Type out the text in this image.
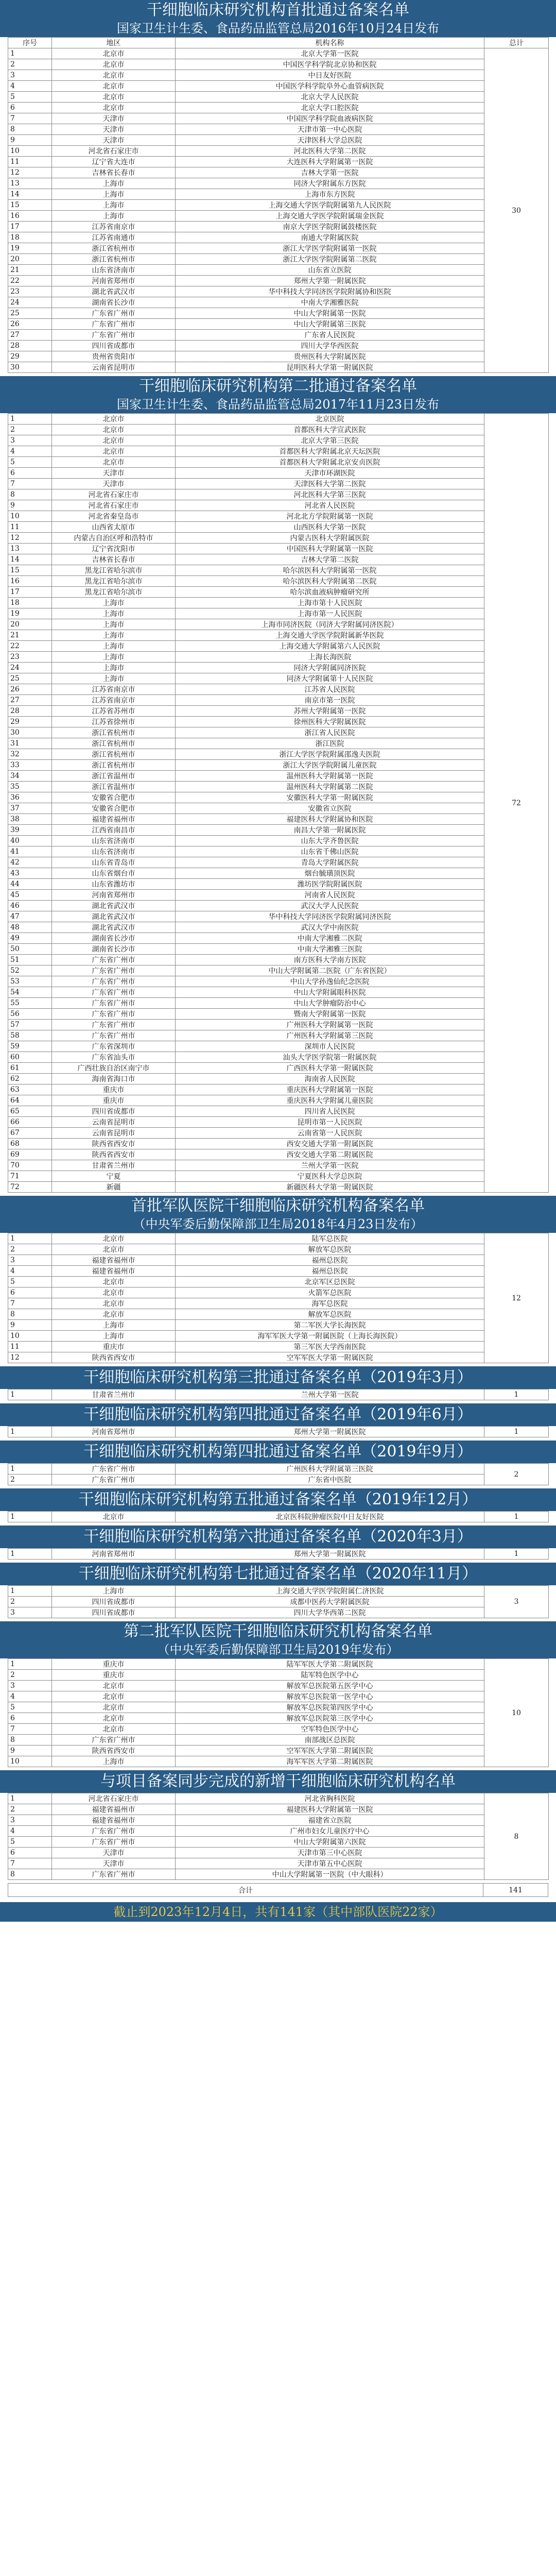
干细胞临床研究机构首批通过备案名单
国家卫生计生委、食品药品监管总局2016年10月24日发布
序号	地区	机构名称	总计
1	北京市	北京大学第一医院	30
2	北京市	中国医学科学院北京协和医院	
3	北京市	中日友好医院	
4	北京市	中国医学科学院阜外心血管病医院	
5	北京市	北京大学人民医院	
6	北京市	北京大学口腔医院	
7	天津市	中国医学科学院血液病医院	
8	天津市	天津市第一中心医院	
9	天津市	天津医科大学总医院	
10	河北省石家庄市	河北医科大学第二医院	
11	辽宁省大连市	大连医科大学附属第一医院	
12	吉林省长春市	吉林大学第一医院	
13	上海市	同济大学附属东方医院	
14	上海市	上海市东方医院	
15	上海市	上海交通大学医学院附属第九人民医院	
16	上海市	上海交通大学医学院附属瑞金医院	
17	江苏省南京市	南京大学医学院附属鼓楼医院	
18	江苏省南通市	南通大学附属医院	
19	浙江省杭州市	浙江大学医学院附属第一医院	
20	浙江省杭州市	浙江大学医学院附属第二医院	
21	山东省济南市	山东省立医院	
22	河南省郑州市	郑州大学第一附属医院	
23	湖北省武汉市	华中科技大学同济医学院附属协和医院	
24	湖南省长沙市	中南大学湘雅医院	
25	广东省广州市	中山大学附属第一医院	
26	广东省广州市	中山大学附属第三医院	
27	广东省广州市	广东省人民医院	
28	四川省成都市	四川大学华西医院	
29	贵州省贵阳市	贵州医科大学附属医院	
30	云南省昆明市	昆明医科大学第一附属医院	
干细胞临床研究机构第二批通过备案名单
国家卫生计生委、食品药品监管总局2017年11月23日发布
1	北京市	北京医院	72
2	北京市	首都医科大学宣武医院	
3	北京市	北京大学第三医院	
4	北京市	首都医科大学附属北京天坛医院	
5	北京市	首都医科大学附属北京安贞医院	
6	天津市	天津市环湖医院	
7	天津市	天津医科大学第二医院	
8	河北省石家庄市	河北医科大学第三医院	
9	河北省石家庄市	河北省人民医院	
10	河北省秦皇岛市	河北北方学院附属第一医院	
11	山西省太原市	山西医科大学第一医院	
12	内蒙古自治区呼和浩特市	内蒙古医科大学附属医院	
13	辽宁省沈阳市	中国医科大学附属第一医院	
14	吉林省长春市	吉林大学第二医院	
15	黑龙江省哈尔滨市	哈尔滨医科大学附属第一医院	
16	黑龙江省哈尔滨市	哈尔滨医科大学附属第二医院	
17	黑龙江省哈尔滨市	哈尔滨血液病肿瘤研究所	
18	上海市	上海市第十人民医院	
19	上海市	上海市第一人民医院	
20	上海市	上海市同济医院（同济大学附属同济医院）	
21	上海市	上海交通大学医学院附属新华医院	
22	上海市	上海交通大学附属第六人民医院	
23	上海市	上海长海医院	
24	上海市	同济大学附属同济医院	
25	上海市	同济大学附属第十人民医院	
26	江苏省南京市	江苏省人民医院	
27	江苏省南京市	南京市第一医院	
28	江苏省苏州市	苏州大学附属第一医院	
29	江苏省徐州市	徐州医科大学附属医院	
30	浙江省杭州市	浙江省人民医院	
31	浙江省杭州市	浙江医院	
32	浙江省杭州市	浙江大学医学院附属邵逸夫医院	
33	浙江省杭州市	浙江大学医学院附属儿童医院	
34	浙江省温州市	温州医科大学附属第一医院	
35	浙江省温州市	温州医科大学附属第二医院	
36	安徽省合肥市	安徽医科大学第一附属医院	
37	安徽省合肥市	安徽省立医院	
38	福建省福州市	福建医科大学附属协和医院	
39	江西省南昌市	南昌大学第一附属医院	
40	山东省济南市	山东大学齐鲁医院	
41	山东省济南市	山东省千佛山医院	
42	山东省青岛市	青岛大学附属医院	
43	山东省烟台市	烟台毓璜顶医院	
44	山东省潍坊市	潍坊医学院附属医院	
45	河南省郑州市	河南省人民医院	
46	湖北省武汉市	武汉大学人民医院	
47	湖北省武汉市	华中科技大学同济医学院附属同济医院	
48	湖北省武汉市	武汉大学中南医院	
49	湖南省长沙市	中南大学湘雅二医院	
50	湖南省长沙市	中南大学湘雅三医院	
51	广东省广州市	南方医科大学南方医院	
52	广东省广州市	中山大学附属第二医院（广东省医院）	
53	广东省广州市	中山大学孙逸仙纪念医院	
54	广东省广州市	中山大学附属眼科医院	
55	广东省广州市	中山大学肿瘤防治中心	
56	广东省广州市	暨南大学附属第一医院	
57	广东省广州市	广州医科大学附属第一医院	
58	广东省广州市	广州医科大学附属第三医院	
59	广东省深圳市	深圳市人民医院	
60	广东省汕头市	汕头大学医学院第一附属医院	
61	广西壮族自治区南宁市	广西医科大学第一附属医院	
62	海南省海口市	海南省人民医院	
63	重庆市	重庆医科大学附属第一医院	
64	重庆市	重庆医科大学附属儿童医院	
65	四川省成都市	四川省人民医院	
66	云南省昆明市	昆明市第一人民医院	
67	云南省昆明市	云南省第一人民医院	
68	陕西省西安市	西安交通大学第一附属医院	
69	陕西省西安市	西安交通大学第二附属医院	
70	甘肃省兰州市	兰州大学第一医院	
71	宁夏	宁夏医科大学总医院	
72	新疆	新疆医科大学第一附属医院	
首批军队医院干细胞临床研究机构备案名单
（中央军委后勤保障部卫生局2018年4月23日发布）
1	北京市	陆军总医院	12
2	北京市	解放军总医院	
3	福建省福州市	福州总医院	
4	福建省福州市	福州总医院	
5	北京市	北京军区总医院	
6	北京市	火箭军总医院	
7	北京市	海军总医院	
8	北京市	解放军总医院	
9	上海市	第二军医大学长海医院	
10	上海市	海军军医大学第一附属医院（上海长海医院）	
11	重庆市	第三军医大学西南医院	
12	陕西省西安市	空军军医大学第一附属医院	
干细胞临床研究机构第三批通过备案名单（2019年3月）
1	甘肃省兰州市	兰州大学第一医院	1
干细胞临床研究机构第四批通过备案名单（2019年6月）
1	河南省郑州市	郑州大学第一附属医院	1
干细胞临床研究机构第四批通过备案名单（2019年9月）
1	广东省广州市	广州医科大学附属第三医院	2
2	广东省广州市	广东省中医院	
干细胞临床研究机构第五批通过备案名单（2019年12月）
1	北京市	北京医科院肿瘤医院中日友好医院	1
干细胞临床研究机构第六批通过备案名单（2020年3月）
1	河南省郑州市	郑州大学第一附属医院	1
干细胞临床研究机构第七批通过备案名单（2020年11月）
1	上海市	上海交通大学医学院附属仁济医院	3
2	四川省成都市	成都中医药大学附属医院	
3	四川省成都市	四川大学华西第二医院	
第二批军队医院干细胞临床研究机构备案名单
（中央军委后勤保障部卫生局2019年发布）
1	重庆市	陆军军医大学第二附属医院	10
2	重庆市	陆军特色医学中心	
3	北京市	解放军总医院第五医学中心	
4	北京市	解放军总医院第一医学中心	
5	北京市	解放军总医院第四医学中心	
6	北京市	解放军总医院第三医学中心	
7	北京市	空军特色医学中心	
8	广东省广州市	南部战区总医院	
9	陕西省西安市	空军军医大学第二附属医院	
10	上海市	海军军医大学第二附属医院	
与项目备案同步完成的新增干细胞临床研究机构名单
1	河北省石家庄市	河北省胸科医院	8
2	福建省福州市	福建医科大学附属第一医院	
3	福建省福州市	福建省立医院	
4	广东省广州市	广州市妇女儿童医疗中心	
5	广东省广州市	中山大学附属第六医院	
6	天津市	天津市第三中心医院	
7	天津市	天津市第五中心医院	
8	广东省广州市	中山大学附属第一医院（中大眼科）	
合计	141
截止到2023年12月4日，共有141家（其中部队医院22家）
